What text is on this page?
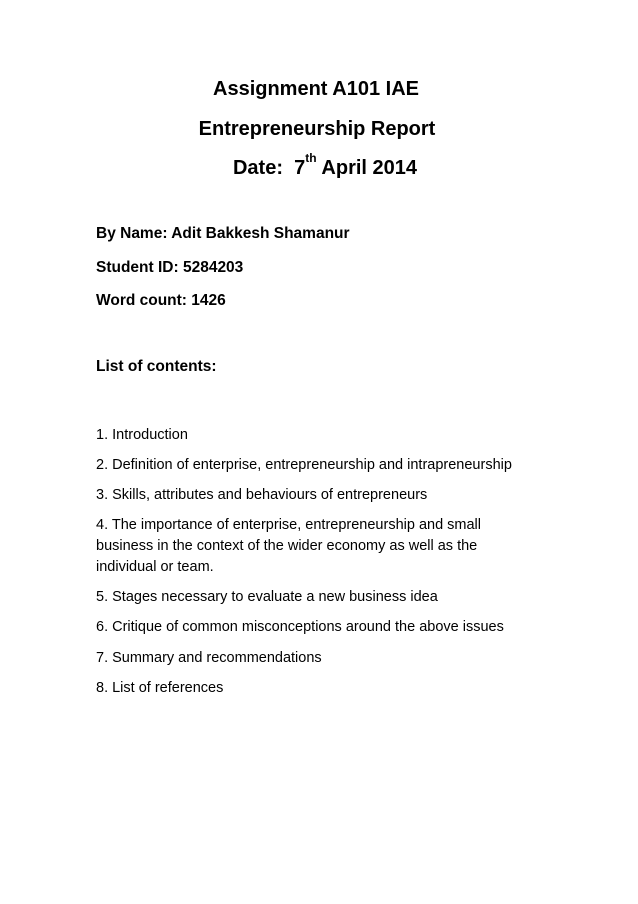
Assignment A101 IAE
Entrepreneurship Report
Date: 7th April 2014
By Name: Adit Bakkesh Shamanur
Student ID: 5284203
Word count: 1426
List of contents:
1. Introduction
2. Definition of enterprise, entrepreneurship and intrapreneurship
3. Skills, attributes and behaviours of entrepreneurs
4. The importance of enterprise, entrepreneurship and small business in the context of the wider economy as well as the individual or team.
5. Stages necessary to evaluate a new business idea
6. Critique of common misconceptions around the above issues
7. Summary and recommendations
8. List of references
